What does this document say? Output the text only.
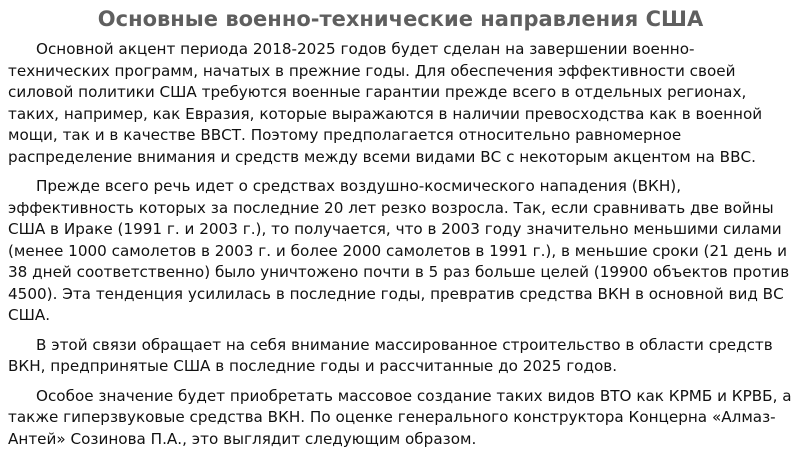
Основные военно-технические направления США

Основной акцент периода 2018-2025 годов будет сделан на завершении военно-технических программ, начатых в прежние годы. Для обеспечения эффективности своей силовой политики США требуются военные гарантии прежде всего в отдельных регионах, таких, например, как Евразия, которые выражаются в наличии превосходства как в военной мощи, так и в качестве ВВСТ. Поэтому предполагается относительно равномерное распределение внимания и средств между всеми видами ВС с некоторым акцентом на ВВС.

Прежде всего речь идет о средствах воздушно-космического нападения (ВКН), эффективность которых за последние 20 лет резко возросла. Так, если сравнивать две войны США в Ираке (1991 г. и 2003 г.), то получается, что в 2003 году значительно меньшими силами (менее 1000 самолетов в 2003 г. и более 2000 самолетов в 1991 г.), в меньшие сроки (21 день и 38 дней соответственно) было уничтожено почти в 5 раз больше целей (19900 объектов против 4500). Эта тенденция усилилась в последние годы, превратив средства ВКН в основной вид ВС США.

В этой связи обращает на себя внимание массированное строительство в области средств ВКН, предпринятые США в последние годы и рассчитанные до 2025 годов.

Особое значение будет приобретать массовое создание таких видов ВТО как КРМБ и КРВБ, а также гиперзвуковые средства ВКН. По оценке генерального конструктора Концерна «Алмаз-Антей» Созинова П.А., это выглядит следующим образом.
